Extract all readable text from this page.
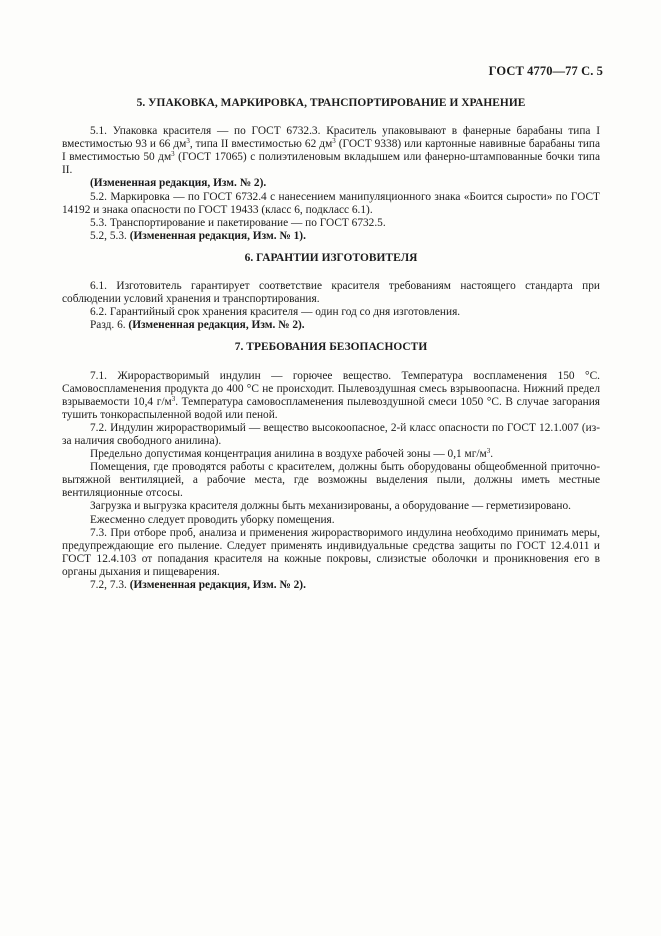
ГОСТ 4770—77 С. 5
5. УПАКОВКА, МАРКИРОВКА, ТРАНСПОРТИРОВАНИЕ И ХРАНЕНИЕ

5.1. Упаковка красителя — по ГОСТ 6732.3. Краситель упаковывают в фанерные барабаны типа I вместимостью 93 и 66 $дм^3$, типа II вместимостью 62 $дм^3$ (ГОСТ 9338) или картонные навивные барабаны типа I вместимостью 50 $дм^3$ (ГОСТ 17065) с полиэтиленовым вкладышем или фанерно-штампованные бочки типа II.

(Измененная редакция, Изм. № 2).

5.2. Маркировка — по ГОСТ 6732.4 с нанесением манипуляционного знака «Боится сырости» по ГОСТ 14192 и знака опасности по ГОСТ 19433 (класс 6, подкласс 6.1).

5.3. Транспортирование и пакетирование — по ГОСТ 6732.5.

5.2, 5.3. (Измененная редакция, Изм. № 1).

6. ГАРАНТИИ ИЗГОТОВИТЕЛЯ

6.1. Изготовитель гарантирует соответствие красителя требованиям настоящего стандарта при соблюдении условий хранения и транспортирования.

6.2. Гарантийный срок хранения красителя — один год со дня изготовления.

Разд. 6. (Измененная редакция, Изм. № 2).

7. ТРЕБОВАНИЯ БЕЗОПАСНОСТИ

7.1. Жирорастворимый индулин — горючее вещество. Температура воспламенения 150 °С. Самовоспламенения продукта до 400 °С не происходит. Пылевоздушная смесь взрывоопасна. Нижний предел взрываемости 10,4 $г/м^3$. Температура самовоспламенения пылевоздушной смеси 1050 °С. В случае загорания тушить тонкораспыленной водой или пеной.

7.2. Индулин жирорастворимый — вещество высокоопасное, 2-й класс опасности по ГОСТ 12.1.007 (из-за наличия свободного анилина).

Предельно допустимая концентрация анилина в воздухе рабочей зоны — 0,1 $мг/м^3$.

Помещения, где проводятся работы с красителем, должны быть оборудованы общеобменной приточно-вытяжной вентиляцией, а рабочие места, где возможны выделения пыли, должны иметь местные вентиляционные отсосы.

Загрузка и выгрузка красителя должны быть механизированы, а оборудование — герметизировано.

Ежесменно следует проводить уборку помещения.

7.3. При отборе проб, анализа и применения жирорастворимого индулина необходимо принимать меры, предупреждающие его пыление. Следует применять индивидуальные средства защиты по ГОСТ 12.4.011 и ГОСТ 12.4.103 от попадания красителя на кожные покровы, слизистые оболочки и проникновения его в органы дыхания и пищеварения.

7.2, 7.3. (Измененная редакция, Изм. № 2).
